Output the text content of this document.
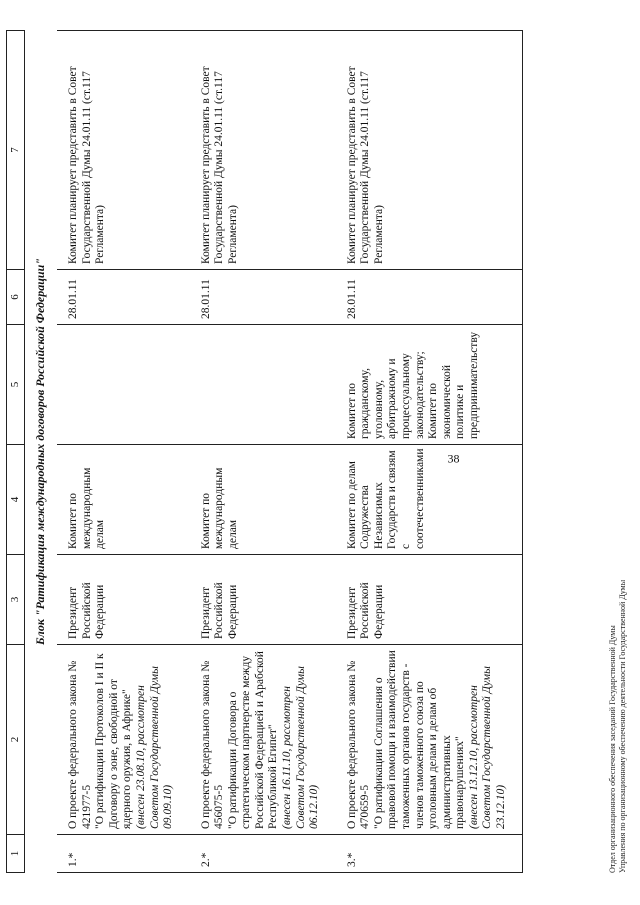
38
1	2	3	4	5	6	7
Блок "Ратификация международных договоров Российской Федерации"						
1.*	О проекте федерального закона № 421977-5 "О ратификации Протоколов I и II к Договору о зоне, свободной от ядерного оружия, в Африке" (внесен 23.08.10, рассмотрен Советом Государственной Думы 09.09.10)	Президент Российской Федерации	Комитет по международным делам		28.01.11	Комитет планирует представить в Совет Государственной Думы 24.01.11 (ст.117 Регламента)
2.*	О проекте федерального закона № 456075-5 "О ратификации Договора о стратегическом партнерстве между Российской Федерацией и Арабской Республикой Египет" (внесен 16.11.10, рассмотрен Советом Государственной Думы 06.12.10)	Президент Российской Федерации	Комитет по международным делам		28.01.11	Комитет планирует представить в Совет Государственной Думы 24.01.11 (ст.117 Регламента)
3.*	О проекте федерального закона № 470659-5 "О ратификации Соглашения о правовой помощи и взаимодействии таможенных органов государств - членов таможенного союза по уголовным делам и делам об административных правонарушениях" (внесен 13.12.10, рассмотрен Советом Государственной Думы 23.12.10)	Президент Российской Федерации	Комитет по делам Содружества Независимых Государств и связям с соотечественниками	Комитет по гражданскому, уголовному, арбитражному и процессуальному законодательству; Комитет по экономической политике и предпринимательству	28.01.11	Комитет планирует представить в Совет Государственной Думы 24.01.11 (ст.117 Регламента)
Отдел организационного обеспечения заседаний Государственной Думы Управления по организационному обеспечению деятельности Государственной Думы
